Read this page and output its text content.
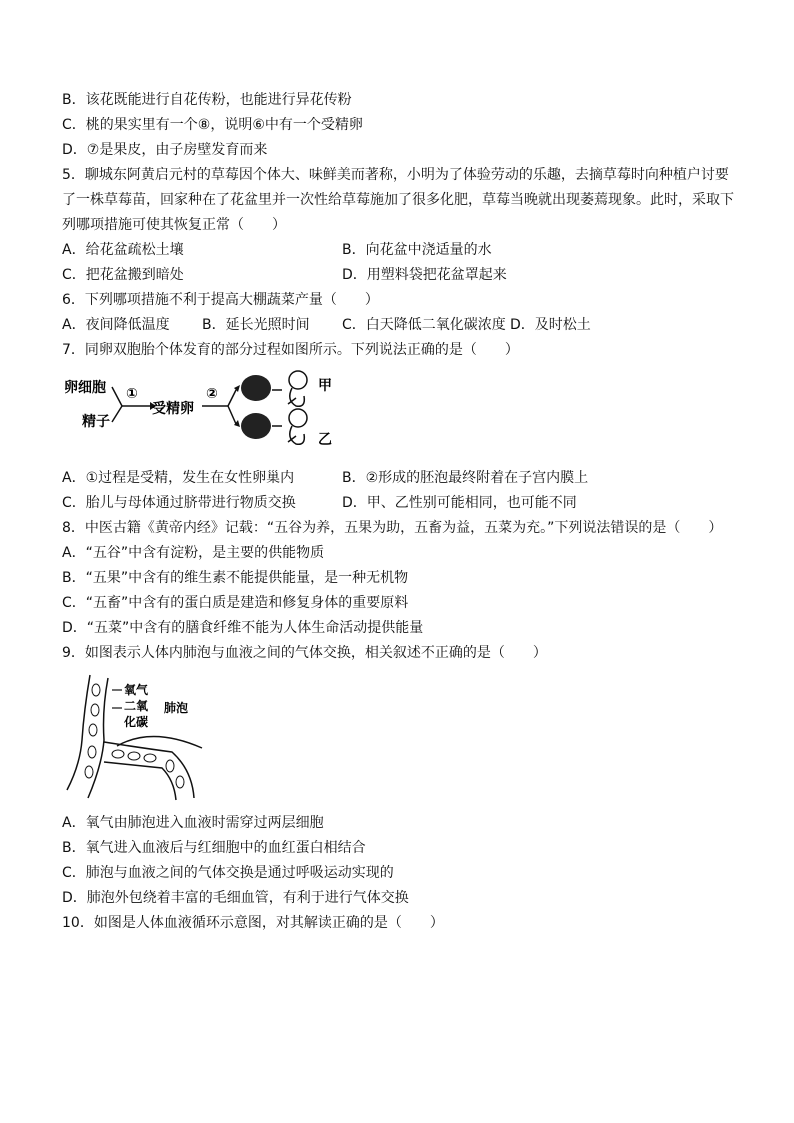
B．该花既能进行自花传粉，也能进行异花传粉
C．桃的果实里有一个⑧，说明⑥中有一个受精卵
D．⑦是果皮，由子房壁发育而来
5．聊城东阿黄启元村的草莓因个体大、味鲜美而著称，小明为了体验劳动的乐趣，去摘草莓时向种植户讨要
了一株草莓苗，回家种在了花盆里并一次性给草莓施加了很多化肥，草莓当晚就出现萎蔫现象。此时，采取下
列哪项措施可使其恢复正常（　　）
A．给花盆疏松土壤	B．向花盆中浇适量的水
C．把花盆搬到暗处	D．用塑料袋把花盆罩起来
6．下列哪项措施不利于提高大棚蔬菜产量（　　）
A．夜间降低温度 B．延长光照时间 C．白天降低二氧化碳浓度 D．及时松土
7．同卵双胞胎个体发育的部分过程如图所示。下列说法正确的是（　　）
卵细胞
精子
①
受精卵
②	甲
乙
A．①过程是受精，发生在女性卵巢内	B．②形成的胚泡最终附着在子宫内膜上
C．胎儿与母体通过脐带进行物质交换	D．甲、乙性别可能相同，也可能不同
8．中医古籍《黄帝内经》记载：“五谷为养，五果为助，五畜为益，五菜为充。”下列说法错误的是（　　）
A．“五谷”中含有淀粉，是主要的供能物质
B．“五果”中含有的维生素不能提供能量，是一种无机物
C．“五畜”中含有的蛋白质是建造和修复身体的重要原料
D．“五菜”中含有的膳食纤维不能为人体生命活动提供能量
9．如图表示人体内肺泡与血液之间的气体交换，相关叙述不正确的是（　　）
氧气
二氧
化碳
肺泡
A．氧气由肺泡进入血液时需穿过两层细胞
B．氧气进入血液后与红细胞中的血红蛋白相结合
C．肺泡与血液之间的气体交换是通过呼吸运动实现的
D．肺泡外包绕着丰富的毛细血管，有利于进行气体交换
10．如图是人体血液循环示意图，对其解读正确的是（　　）
